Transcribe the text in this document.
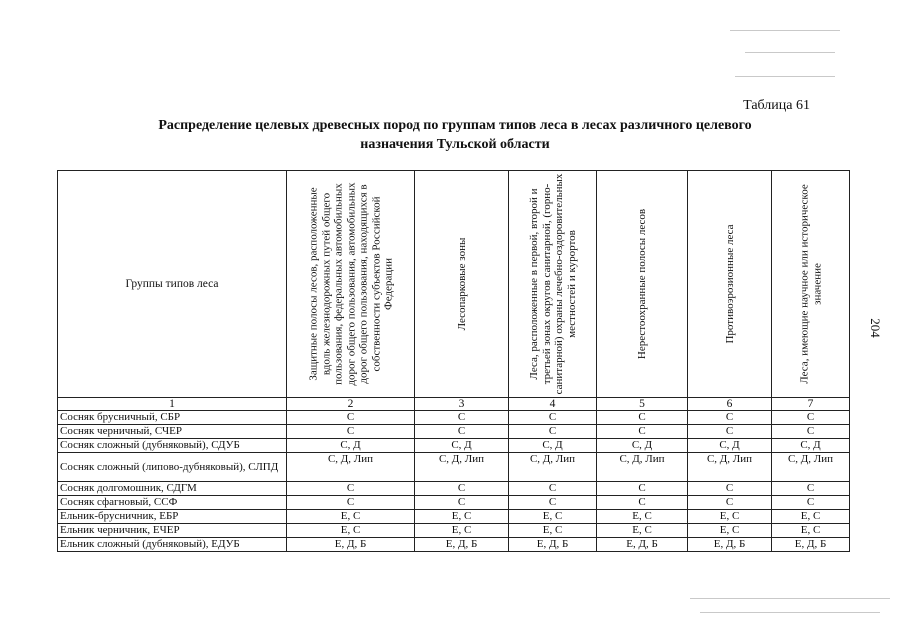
Таблица 61
Распределение целевых древесных пород по группам типов леса в лесах различного целевого назначения Тульской области
204
Группы типов леса	Защитные полосы лесов, расположенные вдоль железнодорожных путей общего пользования, федеральных автомобильных дорог общего пользования, автомобильных дорог общего пользования, находящихся в собственности субъектов Российской Федерации	Лесопарковые зоны	Леса, расположенные в первой, второй и третьей зонах округов санитарной, (горно-санитарной) охраны лечебно-оздоровительных местностей и курортов	Нерестоохранные полосы лесов	Противоэрозионные леса	Леса, имеющие научное или историческое значение

1	2	3	4	5	6	7
Сосняк брусничный, СБР	С	С	С	С	С	С
Сосняк черничный, СЧЕР	С	С	С	С	С	С
Сосняк сложный (дубняковый), СДУБ	С, Д	С, Д	С, Д	С, Д	С, Д	С, Д
Сосняк сложный (липово-дубняковый), СЛПД	С, Д, Лип	С, Д, Лип	С, Д, Лип	С, Д, Лип	С, Д, Лип	С, Д, Лип
Сосняк долгомошник, СДГМ	С	С	С	С	С	С
Сосняк сфагновый, ССФ	С	С	С	С	С	С
Ельник-брусничник, ЕБР	Е, С	Е, С	Е, С	Е, С	Е, С	Е, С
Ельник черничник, ЕЧЕР	Е, С	Е, С	Е, С	Е, С	Е, С	Е, С
Ельник сложный (дубняковый), ЕДУБ	Е, Д, Б	Е, Д, Б	Е, Д, Б	Е, Д, Б	Е, Д, Б	Е, Д, Б
